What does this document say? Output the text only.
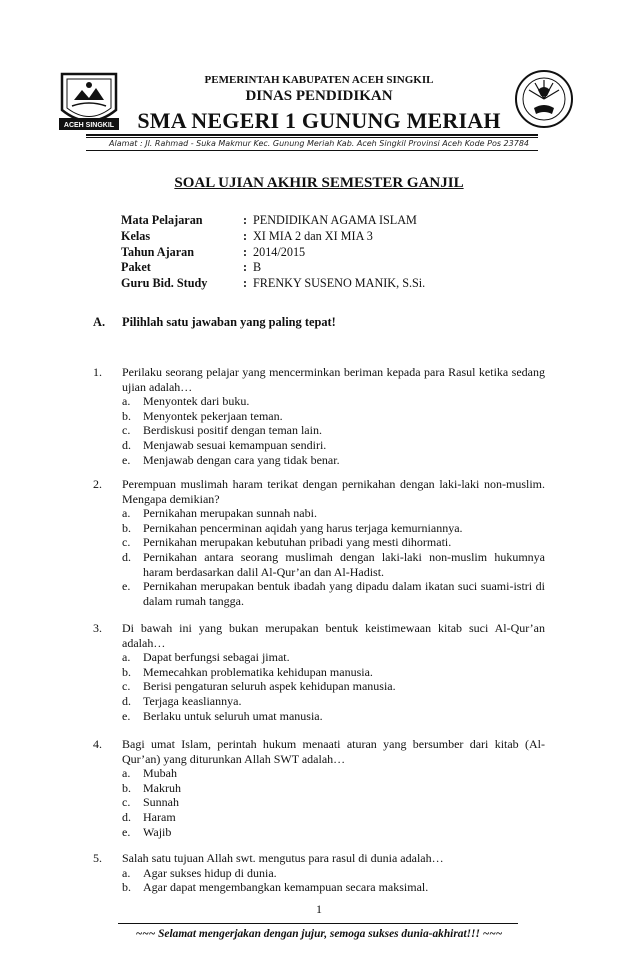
ACEH SINGKIL
PEMERINTAH KABUPATEN ACEH SINGKIL
DINAS PENDIDIKAN
SMA NEGERI 1 GUNUNG MERIAH
Alamat : Jl. Rahmad - Suka Makmur Kec. Gunung Meriah Kab. Aceh Singkil Provinsi Aceh Kode Pos 23784
SOAL UJIAN AKHIR SEMESTER GANJIL
Mata Pelajaran	: PENDIDIKAN AGAMA ISLAM
Kelas	: XI MIA 2 dan XI MIA 3
Tahun Ajaran	: 2014/2015
Paket	: B
Guru Bid. Study	: FRENKY SUSENO MANIK, S.Si.
A. Pilihlah satu jawaban yang paling tepat!
1.	Perilaku seorang pelajar yang mencerminkan beriman kepada para Rasul ketika sedang ujian adalah…
a.	Menyontek dari buku.
b.	Menyontek pekerjaan teman.
c.	Berdiskusi positif dengan teman lain.
d.	Menjawab sesuai kemampuan sendiri.
e.	Menjawab dengan cara yang tidak benar.
2.	Perempuan muslimah haram terikat dengan pernikahan dengan laki-laki non-muslim. Mengapa demikian?
a.	Pernikahan merupakan sunnah nabi.
b.	Pernikahan pencerminan aqidah yang harus terjaga kemurniannya.
c.	Pernikahan merupakan kebutuhan pribadi yang mesti dihormati.
d.	Pernikahan antara seorang muslimah dengan laki-laki non-muslim hukumnya haram berdasarkan dalil Al-Qur’an dan Al-Hadist.
e.	Pernikahan merupakan bentuk ibadah yang dipadu dalam ikatan suci suami-istri di dalam rumah tangga.
3.	Di bawah ini yang bukan merupakan bentuk keistimewaan kitab suci Al-Qur’an adalah…
a.	Dapat berfungsi sebagai jimat.
b.	Memecahkan problematika kehidupan manusia.
c.	Berisi pengaturan seluruh aspek kehidupan manusia.
d.	Terjaga keasliannya.
e.	Berlaku untuk seluruh umat manusia.
4.	Bagi umat Islam, perintah hukum menaati aturan yang bersumber dari kitab (Al-Qur’an) yang diturunkan Allah SWT adalah…
a.	Mubah
b.	Makruh
c.	Sunnah
d.	Haram
e.	Wajib
5.	Salah satu tujuan Allah swt. mengutus para rasul di dunia adalah…
a.	Agar sukses hidup di dunia.
b.	Agar dapat mengembangkan kemampuan secara maksimal.
1
~~~ Selamat mengerjakan dengan jujur, semoga sukses dunia-akhirat!!! ~~~
